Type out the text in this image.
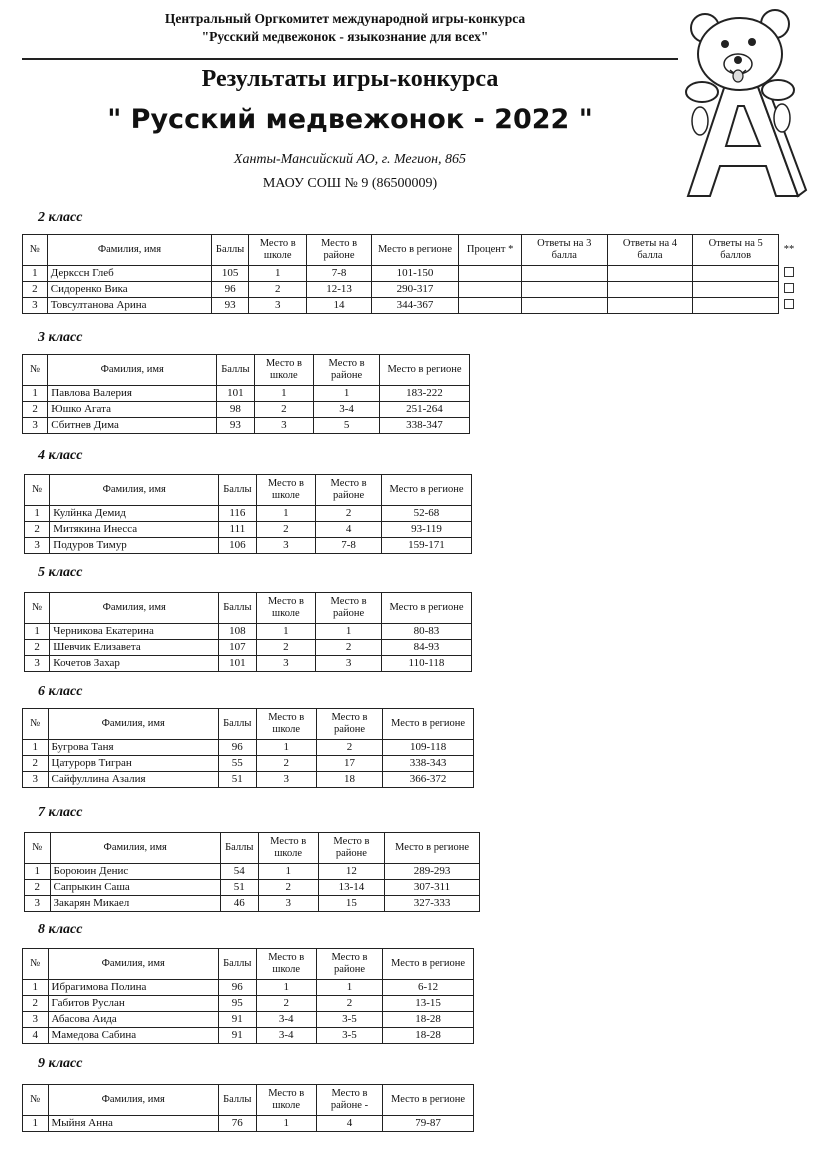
Центральный Оргкомитет международной игры-конкурса
"Русский медвежонок - языкознание для всех"
Результаты игры-конкурса
" Русский медвежонок - 2022 "
Ханты-Мансийский АО, г. Мегион, 865
МАОУ СОШ № 9 (86500009)
2 класс
№	Фамилия, имя	Баллы	Место в школе	Место в районе	Место в регионе	Процент *	Ответы на 3 балла	Ответы на 4 балла	Ответы на 5 баллов	**
1	Деркссн Глеб	105	1	7-8	101-150					
2	Сидоренко Вика	96	2	12-13	290-317					
3	Товсултанова Арина	93	3	14	344-367					
3 класс
№	Фамилия, имя	Баллы	Место в школе	Место в районе	Место в регионе
1	Павлова Валерия	101	1	1	183-222
2	Юшко Агата	98	2	3-4	251-264
3	Сбитнев Дима	93	3	5	338-347
4 класс
№	Фамилия, имя	Баллы	Место в школе	Место в районе	Место в регионе
1	Кулйнка Демид	116	1	2	52-68
2	Митякина Инесса	111	2	4	93-119
3	Подуров Тимур	106	3	7-8	159-171
5 класс
№	Фамилия, имя	Баллы	Место в школе	Место в районе	Место в регионе
1	Черникова Екатерина	108	1	1	80-83
2	Шевчик Елизавета	107	2	2	84-93
3	Кочетов Захар	101	3	3	110-118
6 класс
№	Фамилия, имя	Баллы	Место в школе	Место в районе	Место в регионе
1	Бугрова Таня	96	1	2	109-118
2	Цатурорв Тигран	55	2	17	338-343
3	Сайфуллина Азалия	51	3	18	366-372
7 класс
№	Фамилия, имя	Баллы	Место в школе	Место в районе	Место в регионе
1	Бороюин Денис	54	1	12	289-293
2	Сапрыкин Саша	51	2	13-14	307-311
3	Закарян Микаел	46	3	15	327-333
8 класс
№	Фамилия, имя	Баллы	Место в школе	Место в районе	Место в регионе
1	Ибрагимова Полина	96	1	1	6-12
2	Габитов Руслан	95	2	2	13-15
3	Абасова Аида	91	3-4	3-5	18-28
4	Мамедова Сабина	91	3-4	3-5	18-28
9 класс
№	Фамилия, имя	Баллы	Место в школе	Место в районе -	Место в регионе
1	Мыйня Анна	76	1	4	79-87
